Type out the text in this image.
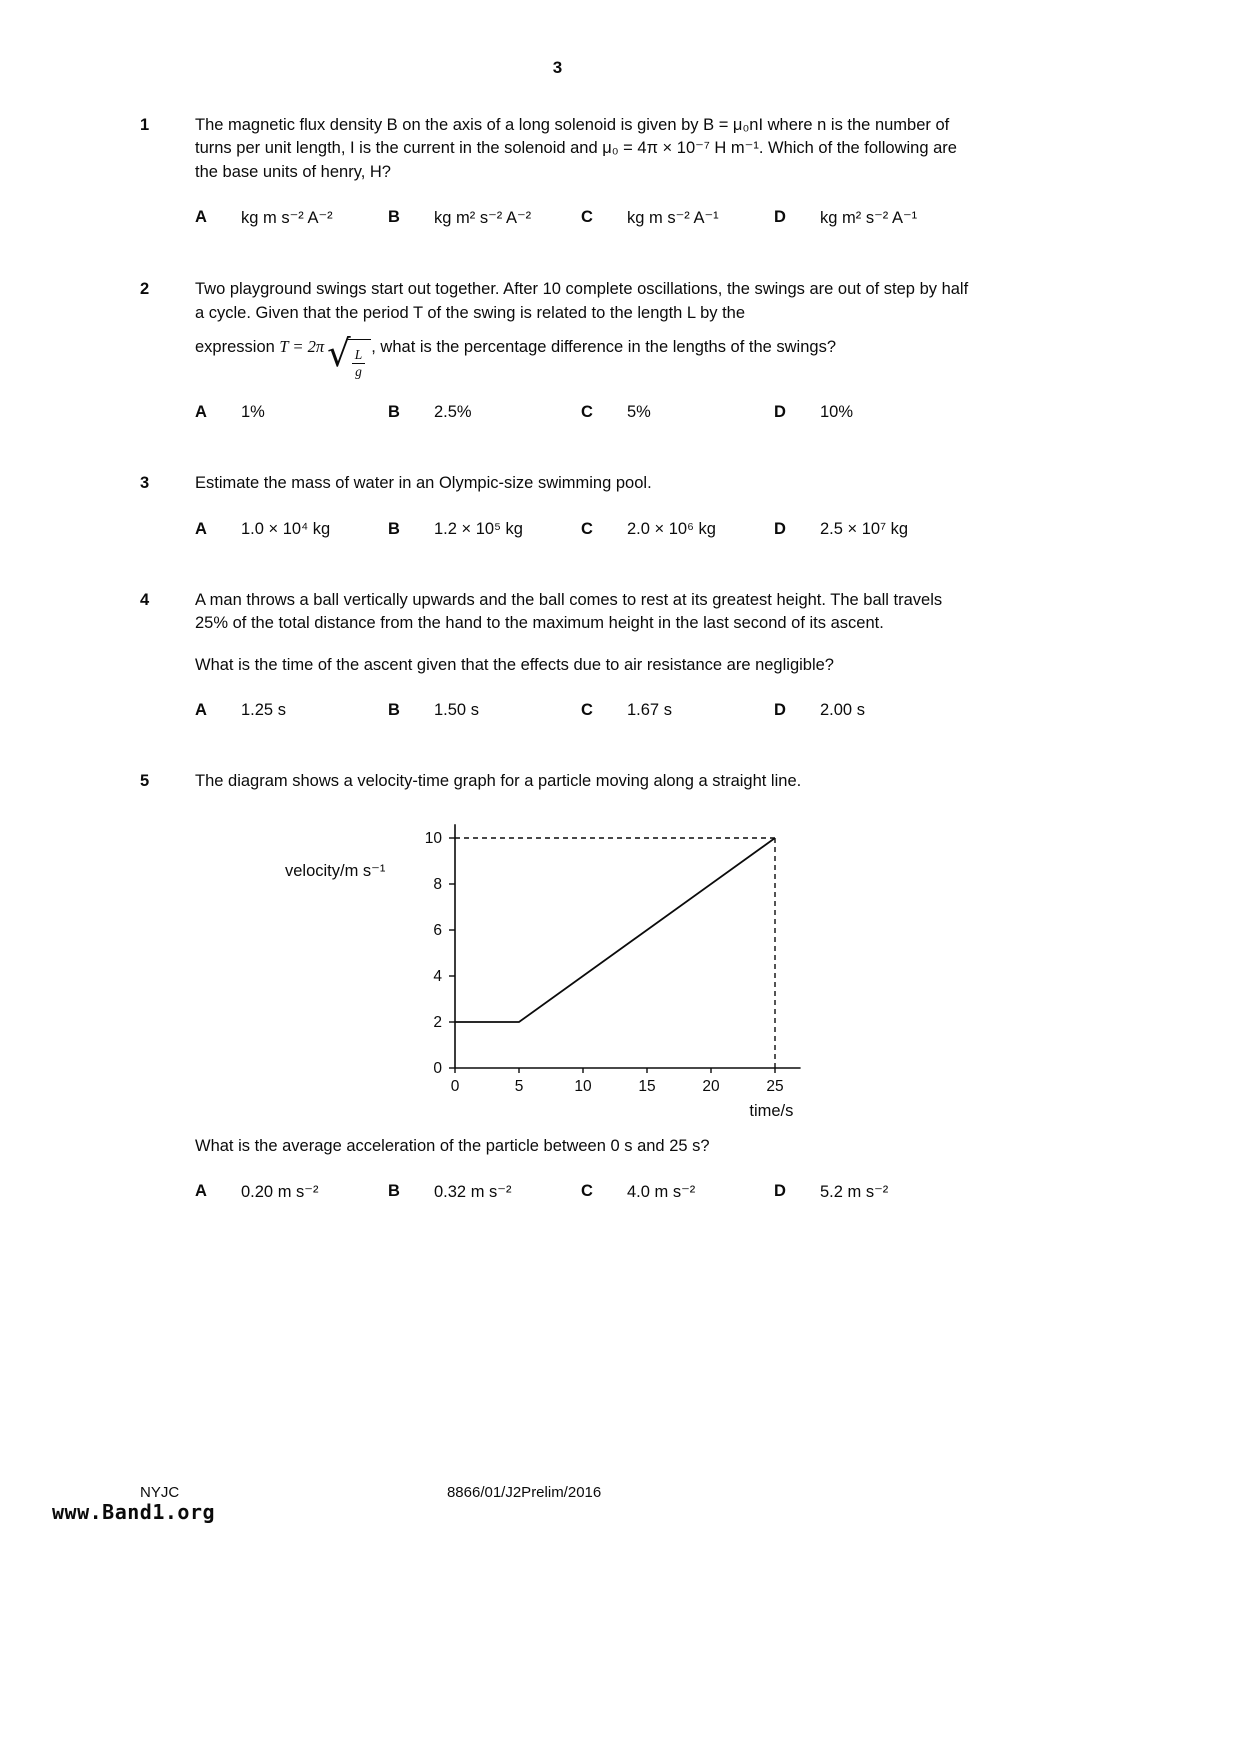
3
1	The magnetic flux density B on the axis of a long solenoid is given by B = μ₀nI where n is the number of turns per unit length, I is the current in the solenoid and μ₀ = 4π × 10⁻⁷ H m⁻¹. Which of the following are the base units of henry, H?

A	kg m s⁻² A⁻²	B	kg m² s⁻² A⁻²	C	kg m s⁻² A⁻¹	D	kg m² s⁻² A⁻¹
2	Two playground swings start out together. After 10 complete oscillations, the swings are out of step by half a cycle. Given that the period T of the swing is related to the length L by the

expression T = 2π √ $\frac{L}{g}$
, what is the percentage difference in the lengths of the swings?

A	1%	B	2.5%	C	5%	D	10%
3	Estimate the mass of water in an Olympic-size swimming pool.

A	1.0 × 10⁴ kg	B	1.2 × 10⁵ kg	C	2.0 × 10⁶ kg	D	2.5 × 10⁷ kg
4	A man throws a ball vertically upwards and the ball comes to rest at its greatest height. The ball travels 25% of the total distance from the hand to the maximum height in the last second of its ascent.

What is the time of the ascent given that the effects due to air resistance are negligible?

A	1.25 s	B	1.50 s	C	1.67 s	D	2.00 s
5	The diagram shows a velocity-time graph for a particle moving along a straight line.

0	5	10	15	20	25
0
2
4
6
8
10
velocity/m s⁻¹
time/s

What is the average acceleration of the particle between 0 s and 25 s?

A	0.20 m s⁻²	B	0.32 m s⁻²	C	4.0 m s⁻²	D	5.2 m s⁻²
NYJC	8866/01/J2Prelim/2016
www.Band1.org
